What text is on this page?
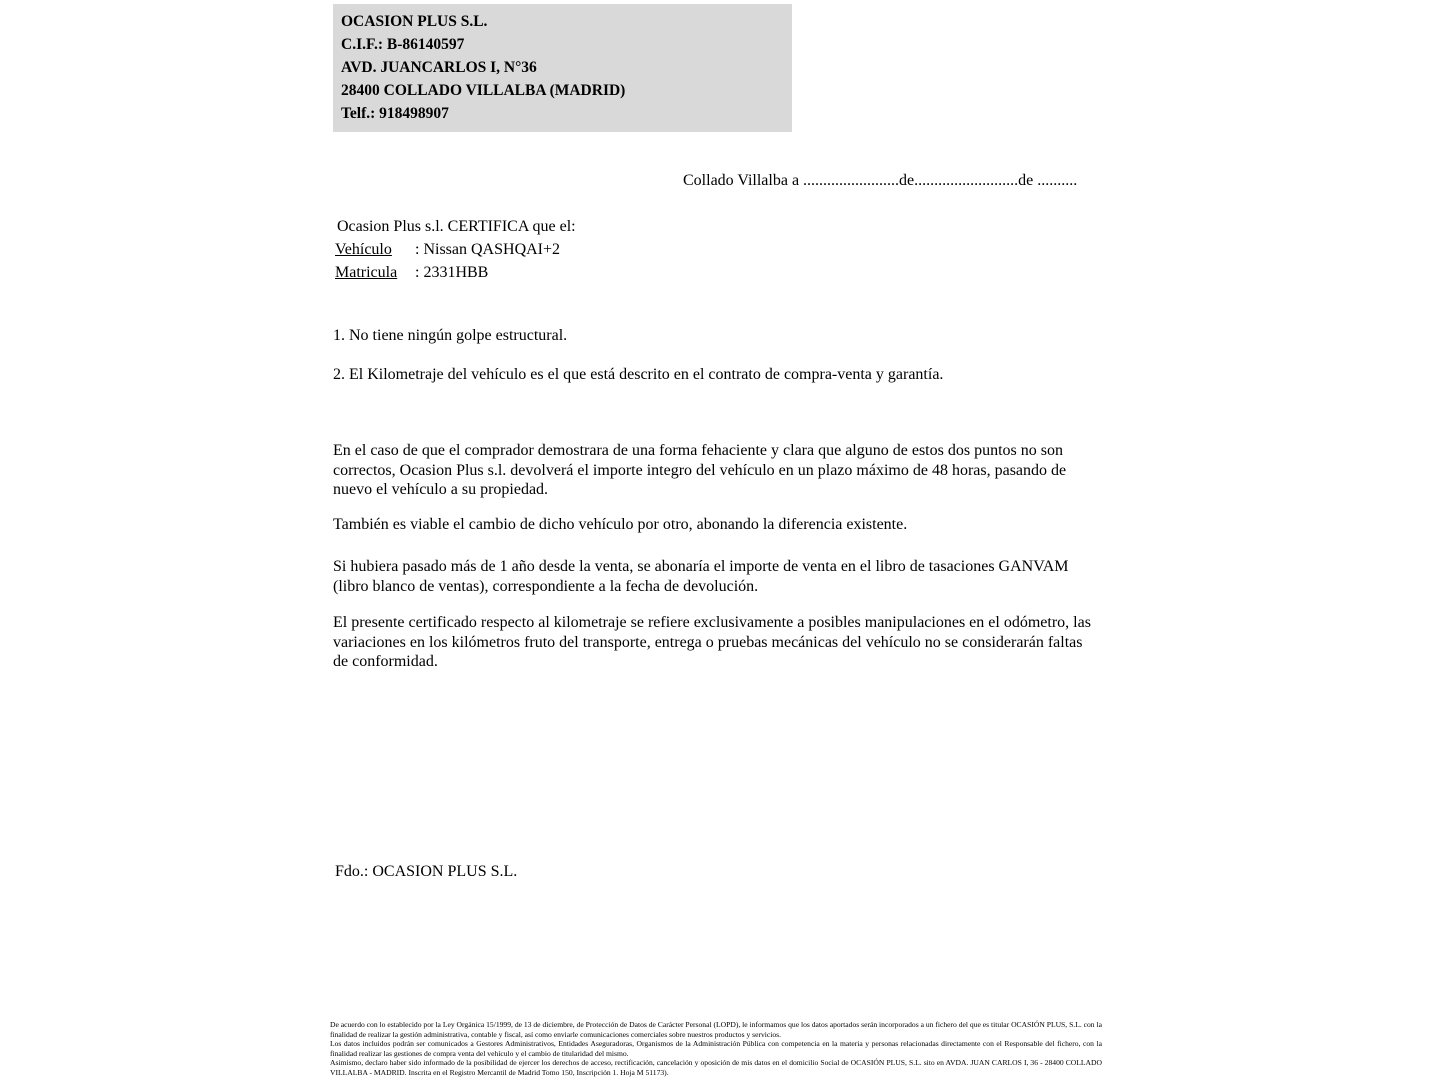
OCASION PLUS S.L.
C.I.F.: B-86140597
AVD. JUANCARLOS I, N°36
28400 COLLADO VILLALBA (MADRID)
Telf.: 918498907
Collado Villalba a ........................de..........................de ..........
Ocasion Plus s.l. CERTIFICA que el:
Vehículo : Nissan QASHQAI+2
Matricula : 2331HBB
1. No tiene ningún golpe estructural.
2. El Kilometraje del vehículo es el que está descrito en el contrato de compra-venta y garantía.
En el caso de que el comprador demostrara de una forma fehaciente y clara que alguno de estos dos puntos no son correctos, Ocasion Plus s.l. devolverá el importe integro del vehículo en un plazo máximo de 48 horas, pasando de nuevo el vehículo a su propiedad.
También es viable el cambio de dicho vehículo por otro, abonando la diferencia existente.
Si hubiera pasado más de 1 año desde la venta, se abonaría el importe de venta en el libro de tasaciones GANVAM (libro blanco de ventas), correspondiente a la fecha de devolución.
El presente certificado respecto al kilometraje se refiere exclusivamente a posibles manipulaciones en el odómetro, las variaciones en los kilómetros fruto del transporte, entrega o pruebas mecánicas del vehículo no se considerarán faltas de conformidad.
Fdo.: OCASION PLUS S.L.

De acuerdo con lo establecido por la Ley Orgánica 15/1999, de 13 de diciembre, de Protección de Datos de Carácter Personal (LOPD), le informamos que los datos aportados serán incorporados a un fichero del que es titular OCASIÓN PLUS, S.L. con la finalidad de realizar la gestión administrativa, contable y fiscal, así como enviarle comunicaciones comerciales sobre nuestros productos y servicios.

Los datos incluidos podrán ser comunicados a Gestores Administrativos, Entidades Aseguradoras, Organismos de la Administración Pública con competencia en la materia y personas relacionadas directamente con el Responsable del fichero, con la finalidad realizar las gestiones de compra venta del vehículo y el cambio de titularidad del mismo.

Asimismo, declaro haber sido informado de la posibilidad de ejercer los derechos de acceso, rectificación, cancelación y oposición de mis datos en el domicilio Social de OCASIÓN PLUS, S.L. sito en AVDA. JUAN CARLOS I, 36 - 28400 COLLADO VILLALBA - MADRID. Inscrita en el Registro Mercantil de Madrid Tomo 150, Inscripción 1. Hoja M 51173).
